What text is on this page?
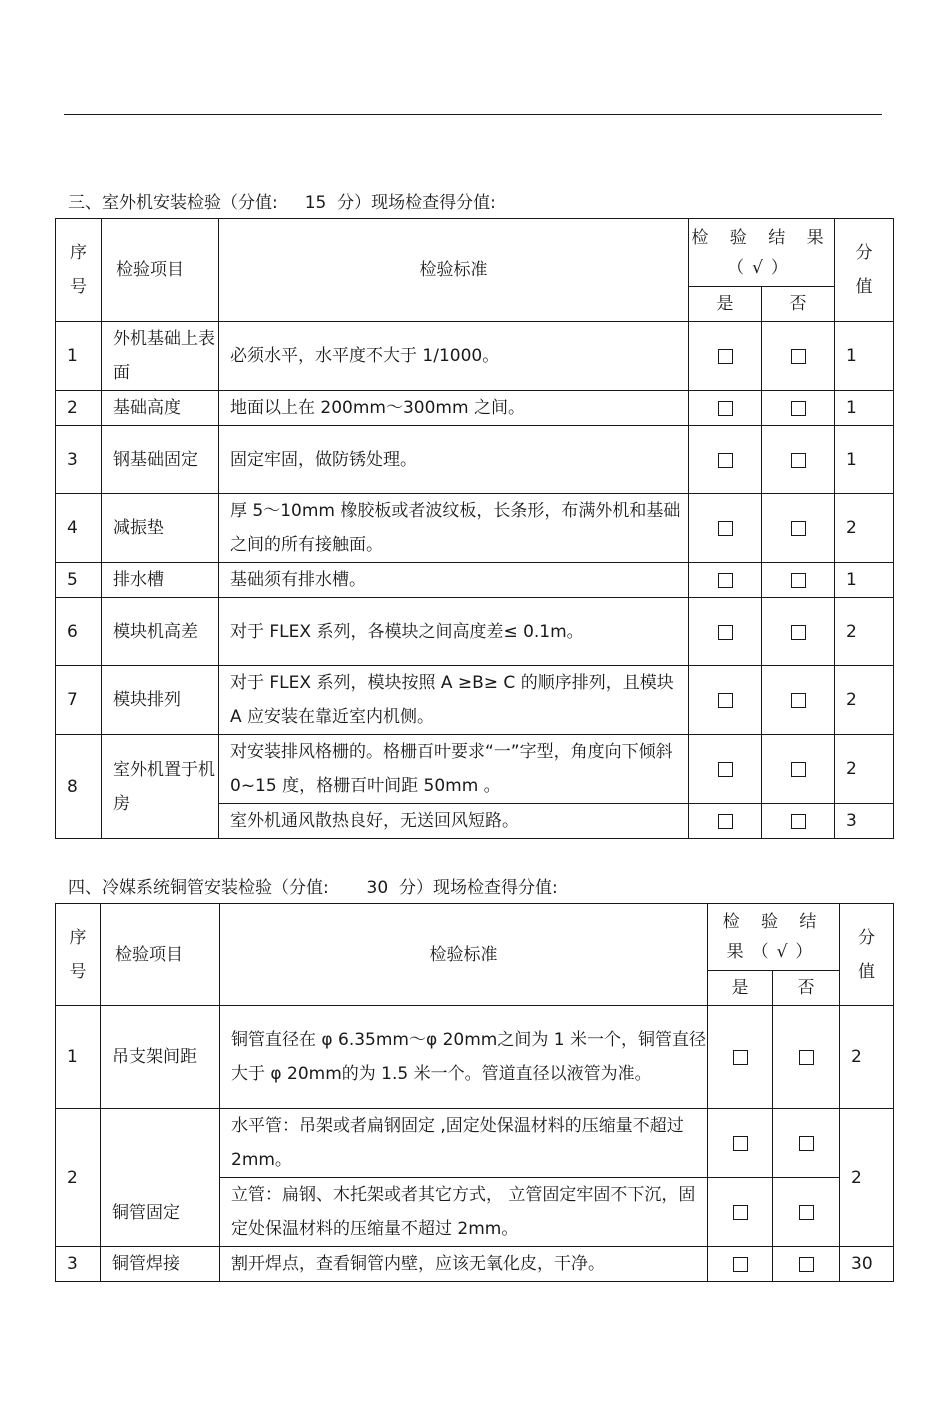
三、室外机安装检验（分值:     15  分）现场检查得分值:
序号	检验项目	检验标准	检 验 结 果（√）		分值
			是	否	
1	外机基础上表面	必须水平，水平度不大于 1/1000。			1
2	基础高度	地面以上在 200mm～300mm 之间。			1
3	钢基础固定	固定牢固，做防锈处理。			1
4	减振垫	厚 5～10mm 橡胶板或者波纹板，长条形，布满外机和基础之间的所有接触面。			2
5	排水槽	基础须有排水槽。			1
6	模块机高差	对于 FLEX 系列，各模块之间高度差≤ 0.1m。			2
7	模块排列	对于 FLEX 系列，模块按照 A ≥B≥ C 的顺序排列，且模块 A 应安装在靠近室内机侧。			2
8	室外机置于机房	对安装排风格栅的。格栅百叶要求“一”字型，角度向下倾斜 0~15 度，格栅百叶间距 50mm 。			2
		室外机通风散热良好，无送回风短路。			3
四、冷媒系统铜管安装检验（分值:       30  分）现场检查得分值:
序号	检验项目	检验标准	检 验 结 果（√）		分值
			是	否	
1	吊支架间距	铜管直径在 φ 6.35mm～φ 20mm之间为 1 米一个，铜管直径大于 φ 20mm的为 1.5 米一个。管道直径以液管为准。			2
2	铜管固定	水平管：吊架或者扁钢固定 ,固定处保温材料的压缩量不超过 2mm。			2
		立管：扁钢、木托架或者其它方式， 立管固定牢固不下沉，固定处保温材料的压缩量不超过 2mm。			
3	铜管焊接	割开焊点，查看铜管内壁，应该无氧化皮，干净。			30
